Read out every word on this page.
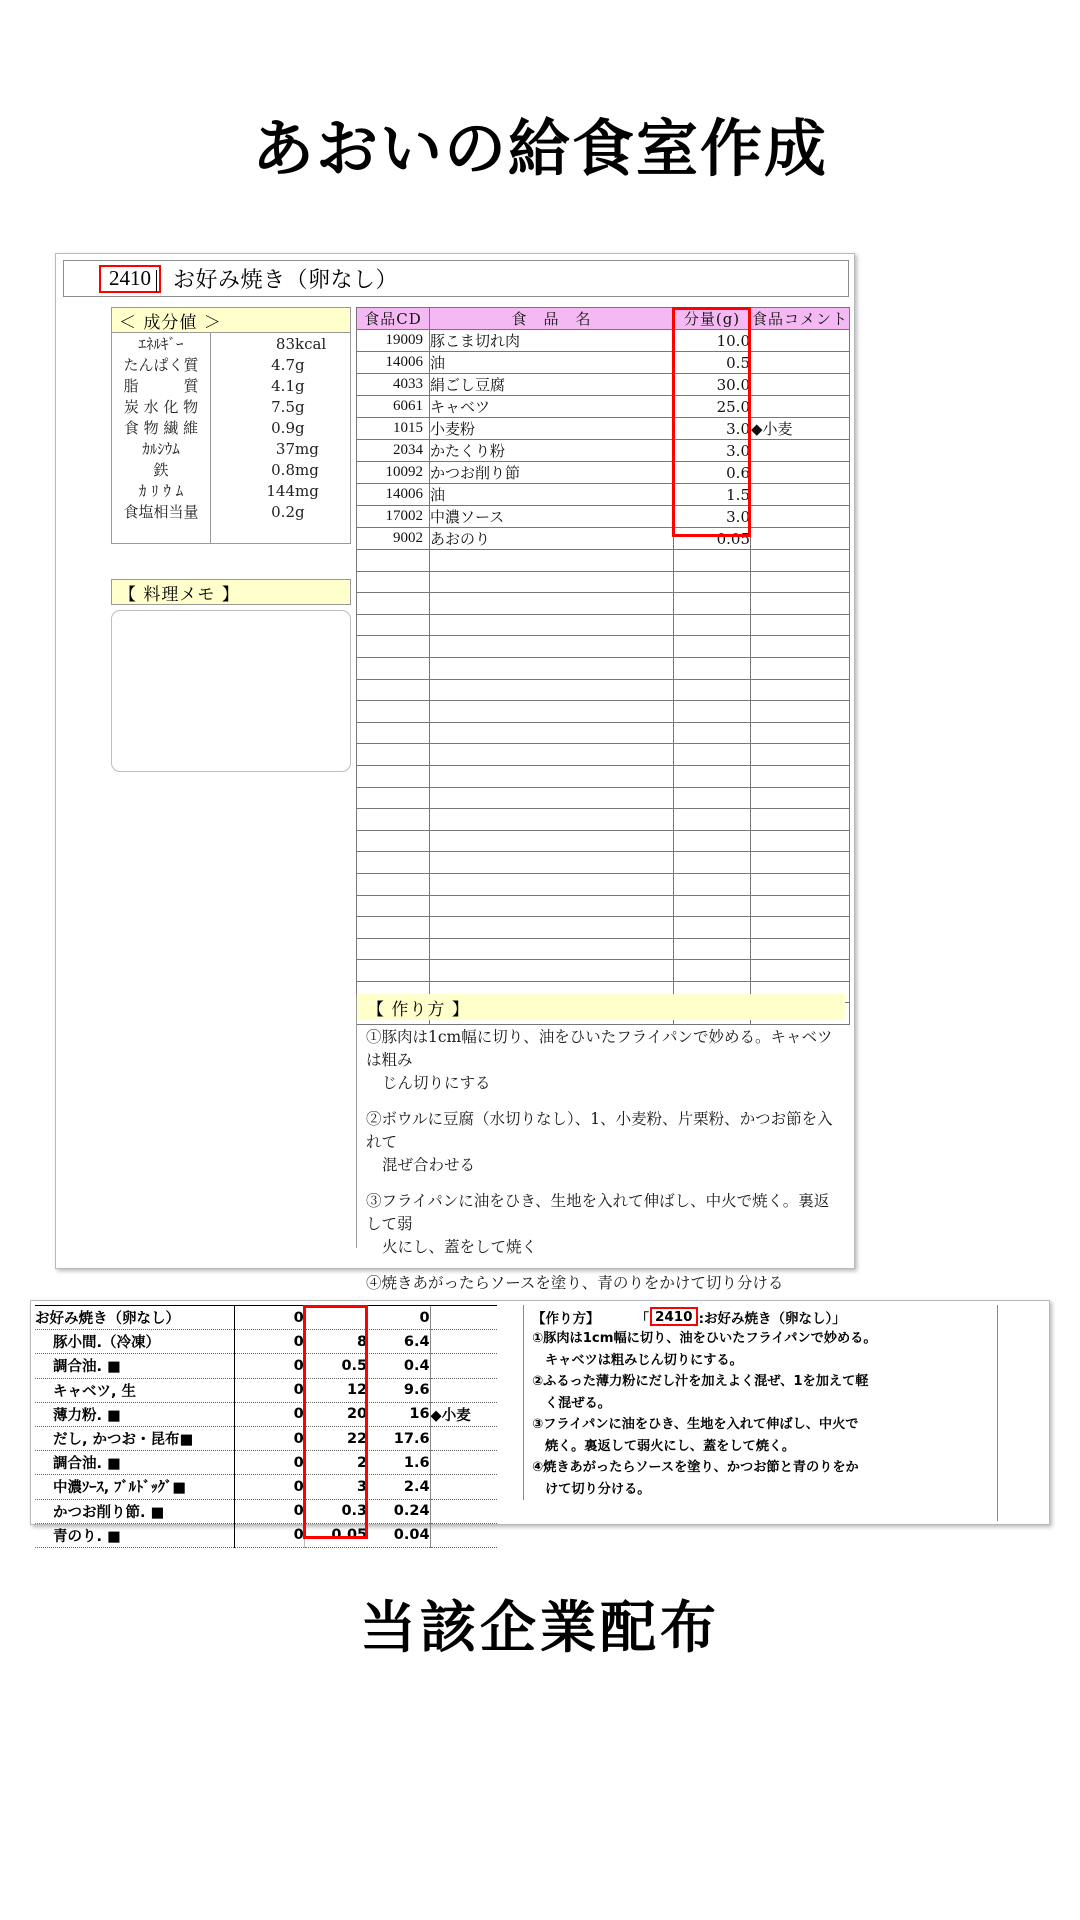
あおいの給食室作成
2410 お好み焼き（卵なし）
＜ 成分値 ＞
ｴﾈﾙｷﾞｰ	83	kcal
たんぱく質	4.7	g
脂　　　質	4.1	g
炭 水 化 物	7.5	g
食 物 繊 維	0.9	g
ｶﾙｼｳﾑ	37	mg
鉄	0.8	mg
ｶ ﾘ ｳ ﾑ	144	mg
食塩相当量	0.2	g

【 料理メモ 】
食品CD	食　品　名	分量(g)	食品コメント
19009	豚こま切れ肉	10.0	
14006	油	0.5	
4033	絹ごし豆腐	30.0	
6061	キャベツ	25.0	
1015	小麦粉	3.0	◆小麦
2034	かたくり粉	3.0	
10092	かつお削り節	0.6	
14006	油	1.5	
17002	中濃ソース	3.0	
9002	あおのり	0.05	

【 作り方 】
①豚肉は1cm幅に切り、油をひいたフライパンで妙める。キャベツは粗み
じん切りにする
②ボウルに豆腐（水切りなし）、1、小麦粉、片栗粉、かつお節を入れて
混ぜ合わせる
③フライパンに油をひき、生地を入れて伸ばし、中火で焼く。裏返して弱
火にし、蓋をして焼く
④焼きあがったらソースを塗り、青のりをかけて切り分ける
お好み焼き（卵なし）	0		0	
豚小間.（冷凍）	0	8	6.4	
調合油. ■	0	0.5	0.4	
キャベツ, 生	0	12	9.6	
薄力粉. ■	0	20	16	◆小麦
だし, かつお・昆布■	0	22	17.6	
調合油. ■	0	2	1.6	
中濃ｿｰｽ, ﾌﾞﾙﾄﾞｯｸﾞ■	0	3	2.4	
かつお削り節. ■	0	0.3	0.24	
青のり. ■	0	0.05	0.04	
【作り方】	「 2410 :お好み焼き（卵なし）」
①豚肉は1cm幅に切り、油をひいたフライパンで妙める。
キャベツは粗みじん切りにする。
②ふるった薄力粉にだし汁を加えよく混ぜ、1を加えて軽
く混ぜる。
③フライパンに油をひき、生地を入れて伸ばし、中火で
焼く。裏返して弱火にし、蓋をして焼く。
④焼きあがったらソースを塗り、かつお節と青のりをか
けて切り分ける。
当該企業配布
